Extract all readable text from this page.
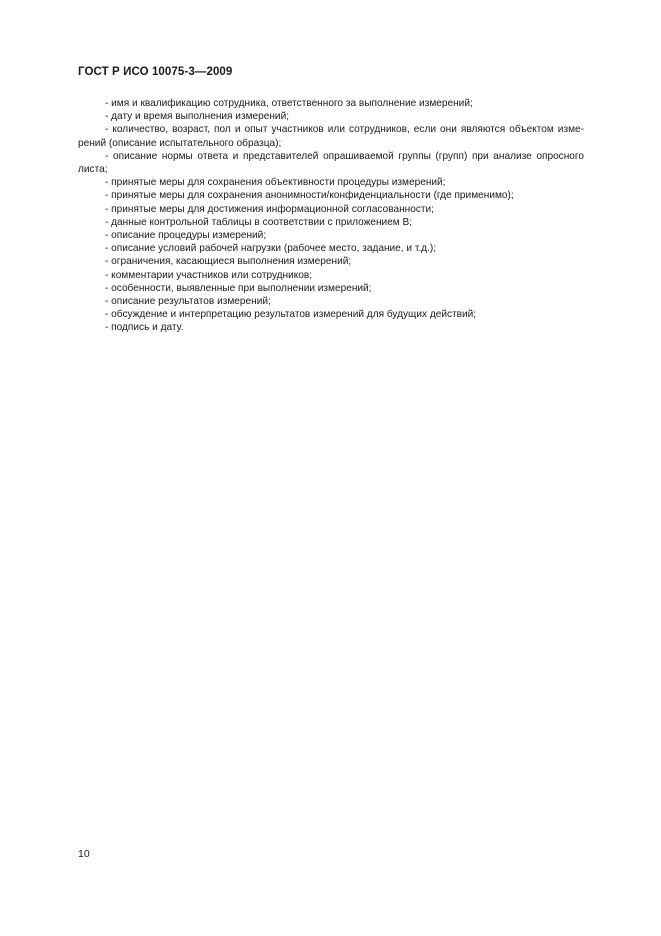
ГОСТ Р ИСО 10075-3—2009

- имя и квалификацию сотрудника, ответственного за выполнение измерений;

- дату и время выполнения измерений;

- количество, возраст, пол и опыт участников или сотрудников, если они являются объектом изме-рений (описание испытательного образца);

- описание нормы ответа и представителей опрашиваемой группы (групп) при анализе опросного листа;

- принятые меры для сохранения объективности процедуры измерений;

- принятые меры для сохранения анонимности/конфиденциальности (где применимо);

- принятые меры для достижения информационной согласованности;

- данные контрольной таблицы в соответствии с приложением В;

- описание процедуры измерений;

- описание условий рабочей нагрузки (рабочее место, задание, и т.д.);

- ограничения, касающиеся выполнения измерений;

- комментарии участников или сотрудников;

- особенности, выявленные при выполнении измерений;

- описание результатов измерений;

- обсуждение и интерпретацию результатов измерений для будущих действий;

- подпись и дату.

10
